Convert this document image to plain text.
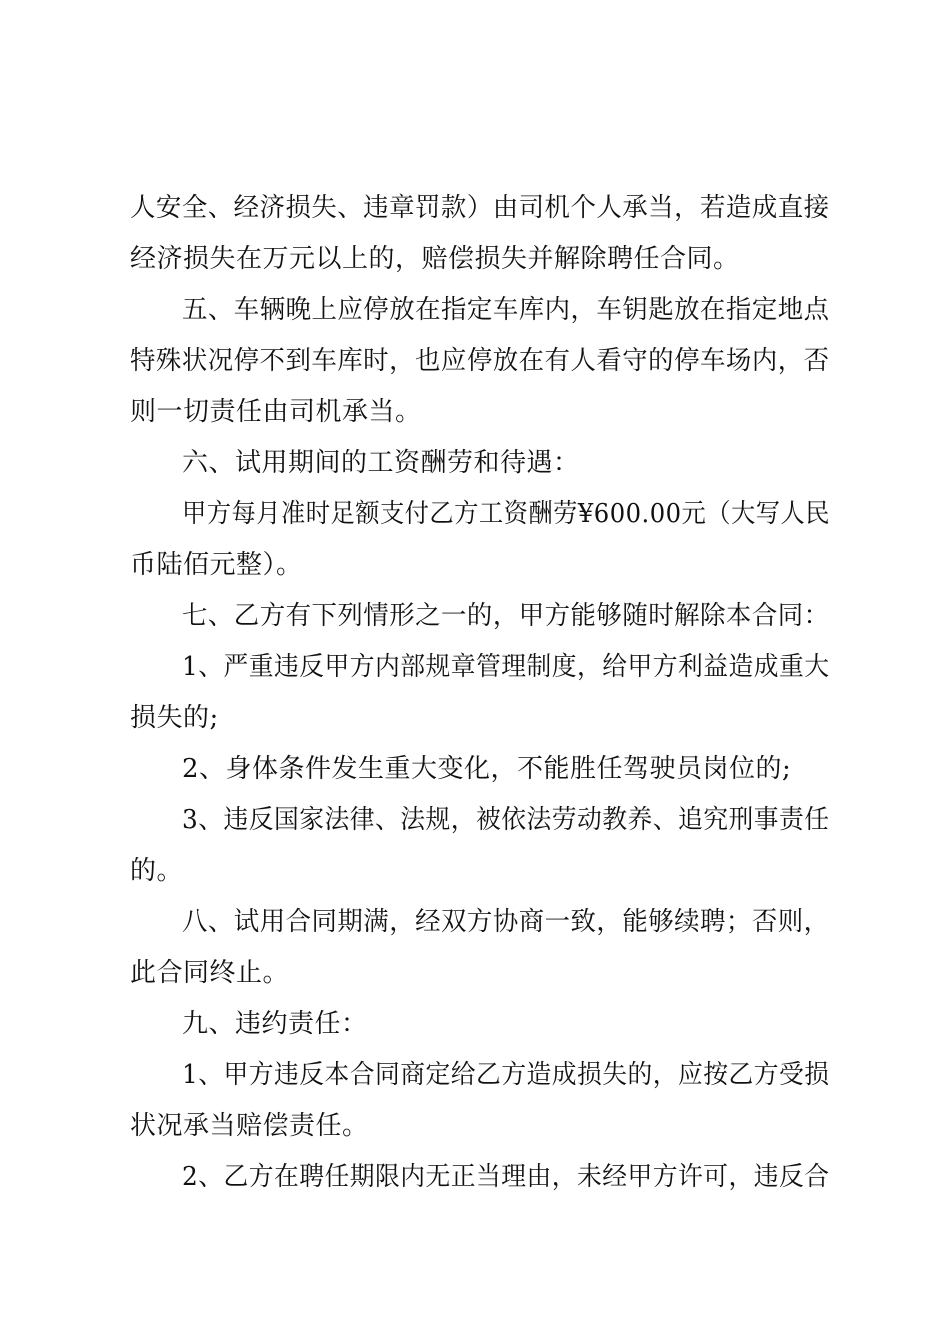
人安全、经济损失、违章罚款）由司机个人承当，若造成直接
经济损失在万元以上的，赔偿损失并解除聘任合同。

五、车辆晚上应停放在指定车库内，车钥匙放在指定地点
特殊状况停不到车库时，也应停放在有人看守的停车场内，否
则一切责任由司机承当。

六、试用期间的工资酬劳和待遇：

甲方每月准时足额支付乙方工资酬劳¥600.00元（大写人民
币陆佰元整）。

七、乙方有下列情形之一的，甲方能够随时解除本合同：

1、严重违反甲方内部规章管理制度，给甲方利益造成重大
损失的;

2、身体条件发生重大变化，不能胜任驾驶员岗位的;

3、违反国家法律、法规，被依法劳动教养、追究刑事责任
的。

八、试用合同期满，经双方协商一致，能够续聘；否则，
此合同终止。

九、违约责任：

1、甲方违反本合同商定给乙方造成损失的，应按乙方受损
状况承当赔偿责任。

2、乙方在聘任期限内无正当理由，未经甲方许可，违反合
